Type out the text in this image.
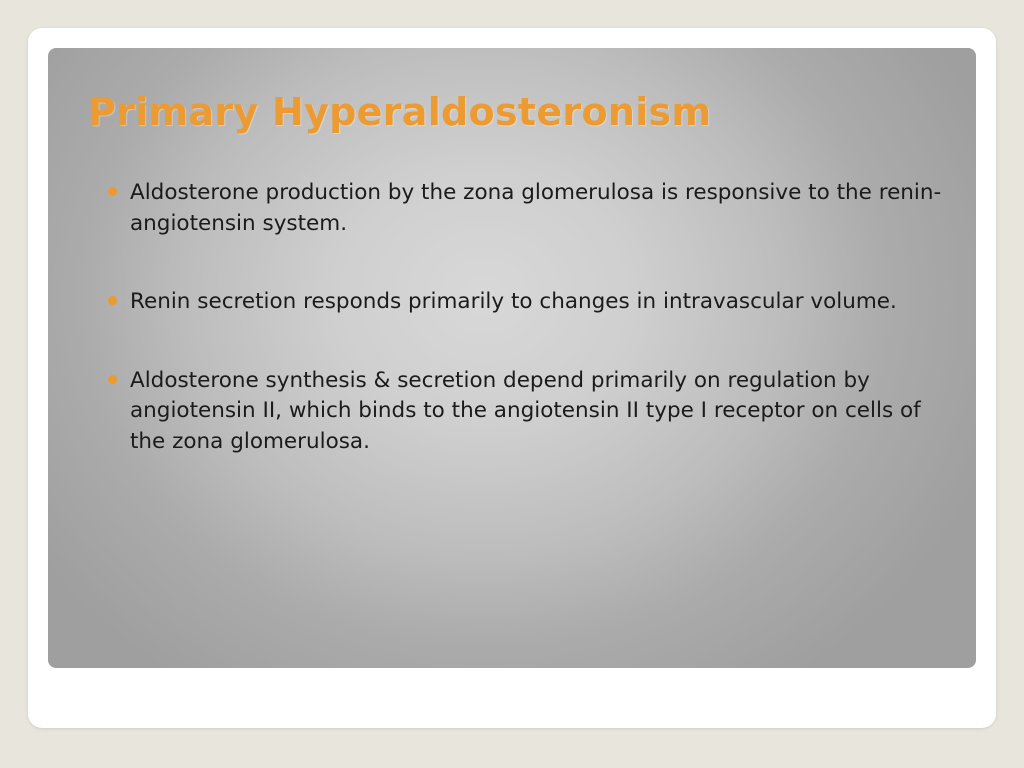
Primary Hyperaldosteronism
Aldosterone production by the zona glomerulosa is responsive to the renin-angiotensin system.
Renin secretion responds primarily to changes in intravascular volume.
Aldosterone synthesis & secretion depend primarily on regulation by angiotensin II, which binds to the angiotensin II type I receptor on cells of the zona glomerulosa.
